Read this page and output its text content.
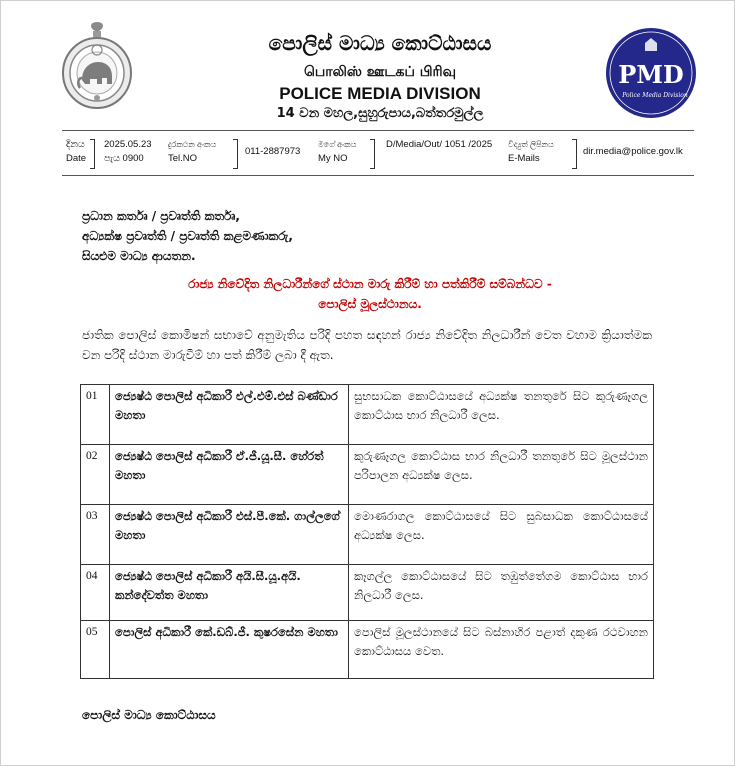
PMD
Police Media Division
පොලිස් මාධ්‍ය කොට්ඨාසය
பொலிஸ் ஊடகப் பிரிவு
POLICE MEDIA DIVISION
14 වන මහල,සුහුරුපාය,බත්තරමුල්ල
දිනය
Date
2025.05.23
පැය 0900
දුරකථන අංකය
Tel.NO
011-2887973
මගේ අංකය
My NO
D/Media/Out/ 1051 /2025 විද්‍යුත් ලිපිනය
E-Mails
dir.media@police.gov.lk
ප්‍රධාන කර්තෘ / ප්‍රවෘත්ති කර්තෘ,
අධ්‍යක්ෂ ප්‍රවෘත්ති / ප්‍රවෘත්ති කළමණාකරු,
සියළුම මාධ්‍ය ආයතන.
රාජ්‍ය නිවේදිත නිලධාරීන්ගේ ස්ථාන මාරු කිරීම් හා පත්කිරීම් සම්බන්ධව -
පොලිස් මූලස්ථානය.
ජාතික පොලිස් කොමිෂන් සභාවේ අනුමැතිය පරිදි පහත සඳහන් රාජ්‍ය නිවේදිත නිලධාරීන් වෙත වහාම ක්‍රියාත්මක වන පරිදි ස්ථාන මාරුවීම් හා පත් කිරීම් ලබා දී ඇත.
01	ජ්‍යෙෂ්ඨ පොලිස් අධිකාරී එල්.එම්.එස් බණ්ඩාර මහතා	සුභසාධක කොට්ඨාසයේ අධ්‍යක්ෂ තනතුරේ සිට කුරුණෑගල කොට්ඨාස භාර නිලධාරී ලෙස.
02	ජ්‍යෙෂ්ඨ පොලිස් අධිකාරී ඒ.ජී.යූ.සී. හේරත් මහතා	කුරුණෑගල කොට්ඨාස භාර නිලධාරී තනතුරේ සිට මූලස්ථාන පරිපාලන අධ්‍යක්ෂ ලෙස.
03	ජ්‍යෙෂ්ඨ පොලිස් අධිකාරී එස්.පී.කේ. ගාල්ලගේ මහතා	මොණරාගල කොට්ඨාසයේ සිට සුබසාධක කොට්ඨාසයේ අධ්‍යක්ෂ ලෙස.
04	ජ්‍යෙෂ්ඨ පොලිස් අධිකාරී අයි.සී.යූ.අයි. කන්දේවත්ත මහතා	කෑගල්ල කොට්ඨාසයේ සිට තඹුත්තේගම කොට්ඨාස භාර නිලධාරී ලෙස.
05	පොලිස් අධිකාරී කේ.ඩබ්.ජී. කුෂරසේන මහතා	පොලිස් මූලස්ථානයේ සිට බස්නාහිර පළාත් දකුණ රථවාහන කොට්ඨාසය වෙත.
පොලිස් මාධ්‍ය කොට්ඨාසය
